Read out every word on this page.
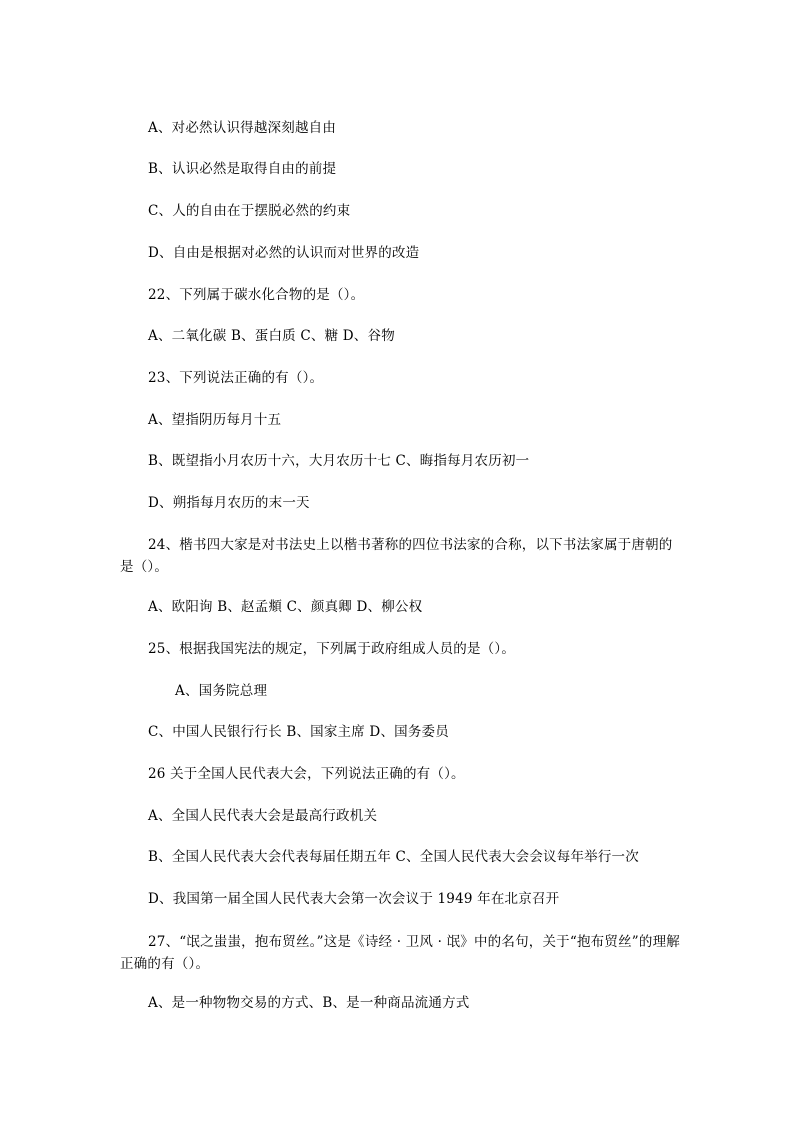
A、对必然认识得越深刻越自由
B、认识必然是取得自由的前提
C、人的自由在于摆脱必然的约束
D、自由是根据对必然的认识而对世界的改造
22、下列属于碳水化合物的是（）。
A、二氧化碳 B、蛋白质 C、糖 D、谷物
23、下列说法正确的有（）。
A、望指阴历每月十五
B、既望指小月农历十六，大月农历十七 C、晦指每月农历初一
D、朔指每月农历的末一天
24、楷书四大家是对书法史上以楷书著称的四位书法家的合称，以下书法家属于唐朝的是（）。
A、欧阳询 B、赵孟頫 C、颜真卿 D、柳公权
25、根据我国宪法的规定，下列属于政府组成人员的是（）。
A、国务院总理
C、中国人民银行行长 B、国家主席 D、国务委员
26 关于全国人民代表大会，下列说法正确的有（）。
A、全国人民代表大会是最高行政机关
B、全国人民代表大会代表每届任期五年 C、全国人民代表大会会议每年举行一次
D、我国第一届全国人民代表大会第一次会议于 1949 年在北京召开
27、“氓之蚩蚩，抱布贸丝。”这是《诗经 · 卫风 · 氓》中的名句，关于“抱布贸丝”的理解正确的有（）。
A、是一种物物交易的方式、B、是一种商品流通方式
